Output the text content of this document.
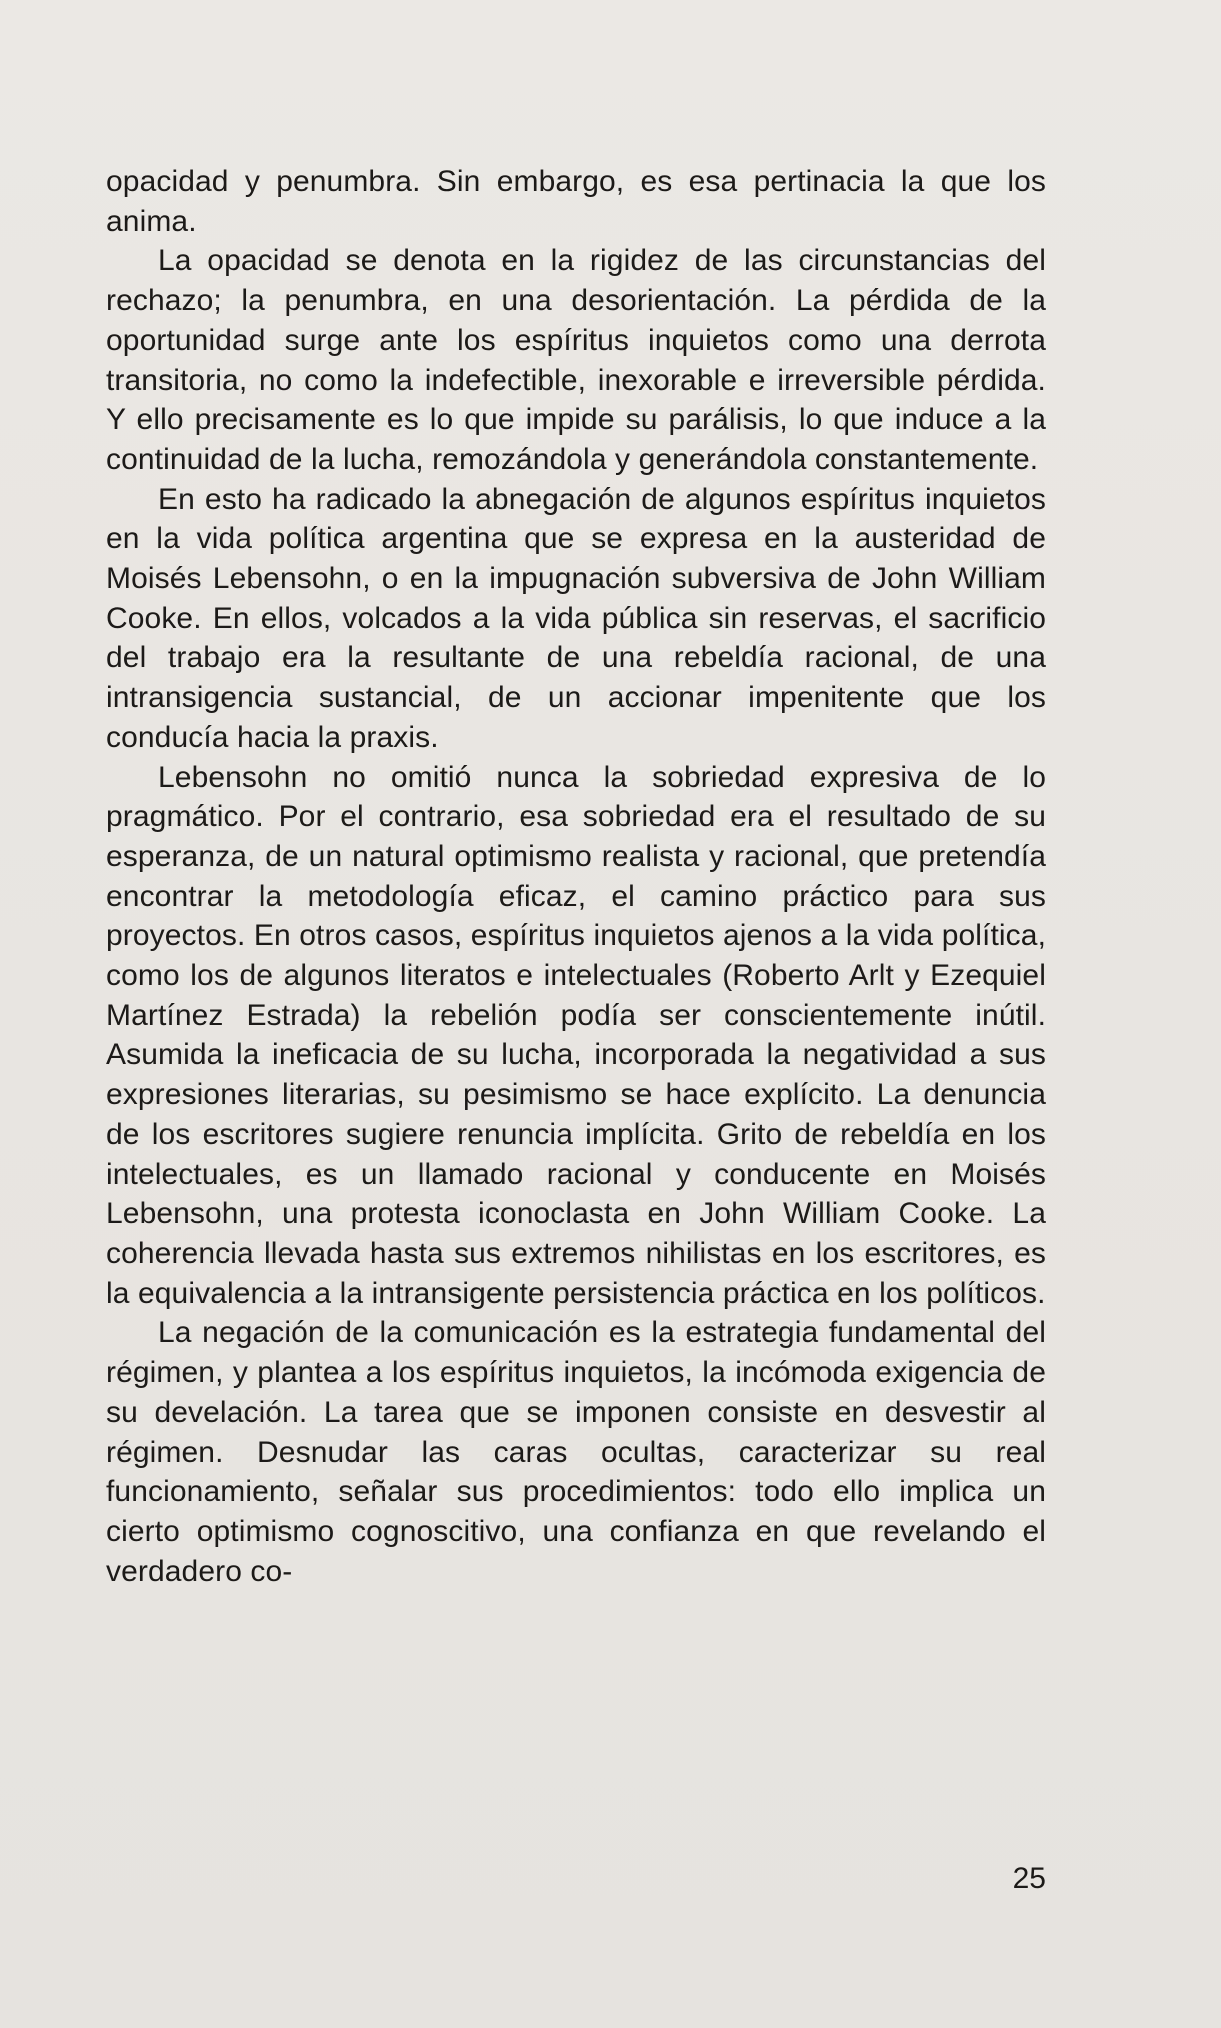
opacidad y penumbra. Sin embargo, es esa pertinacia la que los anima.

La opacidad se denota en la rigidez de las circunstancias del rechazo; la penumbra, en una desorientación. La pérdida de la oportunidad surge ante los espíritus inquietos como una derrota transitoria, no como la indefectible, inexorable e irreversible pérdida. Y ello precisamente es lo que impide su parálisis, lo que induce a la continuidad de la lucha, remozándola y generándola constantemente.

En esto ha radicado la abnegación de algunos espíritus inquietos en la vida política argentina que se expresa en la austeridad de Moisés Lebensohn, o en la impugnación subversiva de John William Cooke. En ellos, volcados a la vida pública sin reservas, el sacrificio del trabajo era la resultante de una rebeldía racional, de una intransigencia sustancial, de un accionar impenitente que los conducía hacia la praxis.

Lebensohn no omitió nunca la sobriedad expresiva de lo pragmático. Por el contrario, esa sobriedad era el resultado de su esperanza, de un natural optimismo realista y racional, que pretendía encontrar la metodología eficaz, el camino práctico para sus proyectos. En otros casos, espíritus inquietos ajenos a la vida política, como los de algunos literatos e intelectuales (Roberto Arlt y Ezequiel Martínez Estrada) la rebelión podía ser conscientemente inútil. Asumida la ineficacia de su lucha, incorporada la negatividad a sus expresiones literarias, su pesimismo se hace explícito. La denuncia de los escritores sugiere renuncia implícita. Grito de rebeldía en los intelectuales, es un llamado racional y conducente en Moisés Lebensohn, una protesta iconoclasta en John William Cooke. La coherencia llevada hasta sus extremos nihilistas en los escritores, es la equivalencia a la intransigente persistencia práctica en los políticos.

La negación de la comunicación es la estrategia fundamental del régimen, y plantea a los espíritus inquietos, la incómoda exigencia de su develación. La tarea que se imponen consiste en desvestir al régimen. Desnudar las caras ocultas, caracterizar su real funcionamiento, señalar sus procedimientos: todo ello implica un cierto optimismo cognoscitivo, una confianza en que revelando el verdadero co-

25
